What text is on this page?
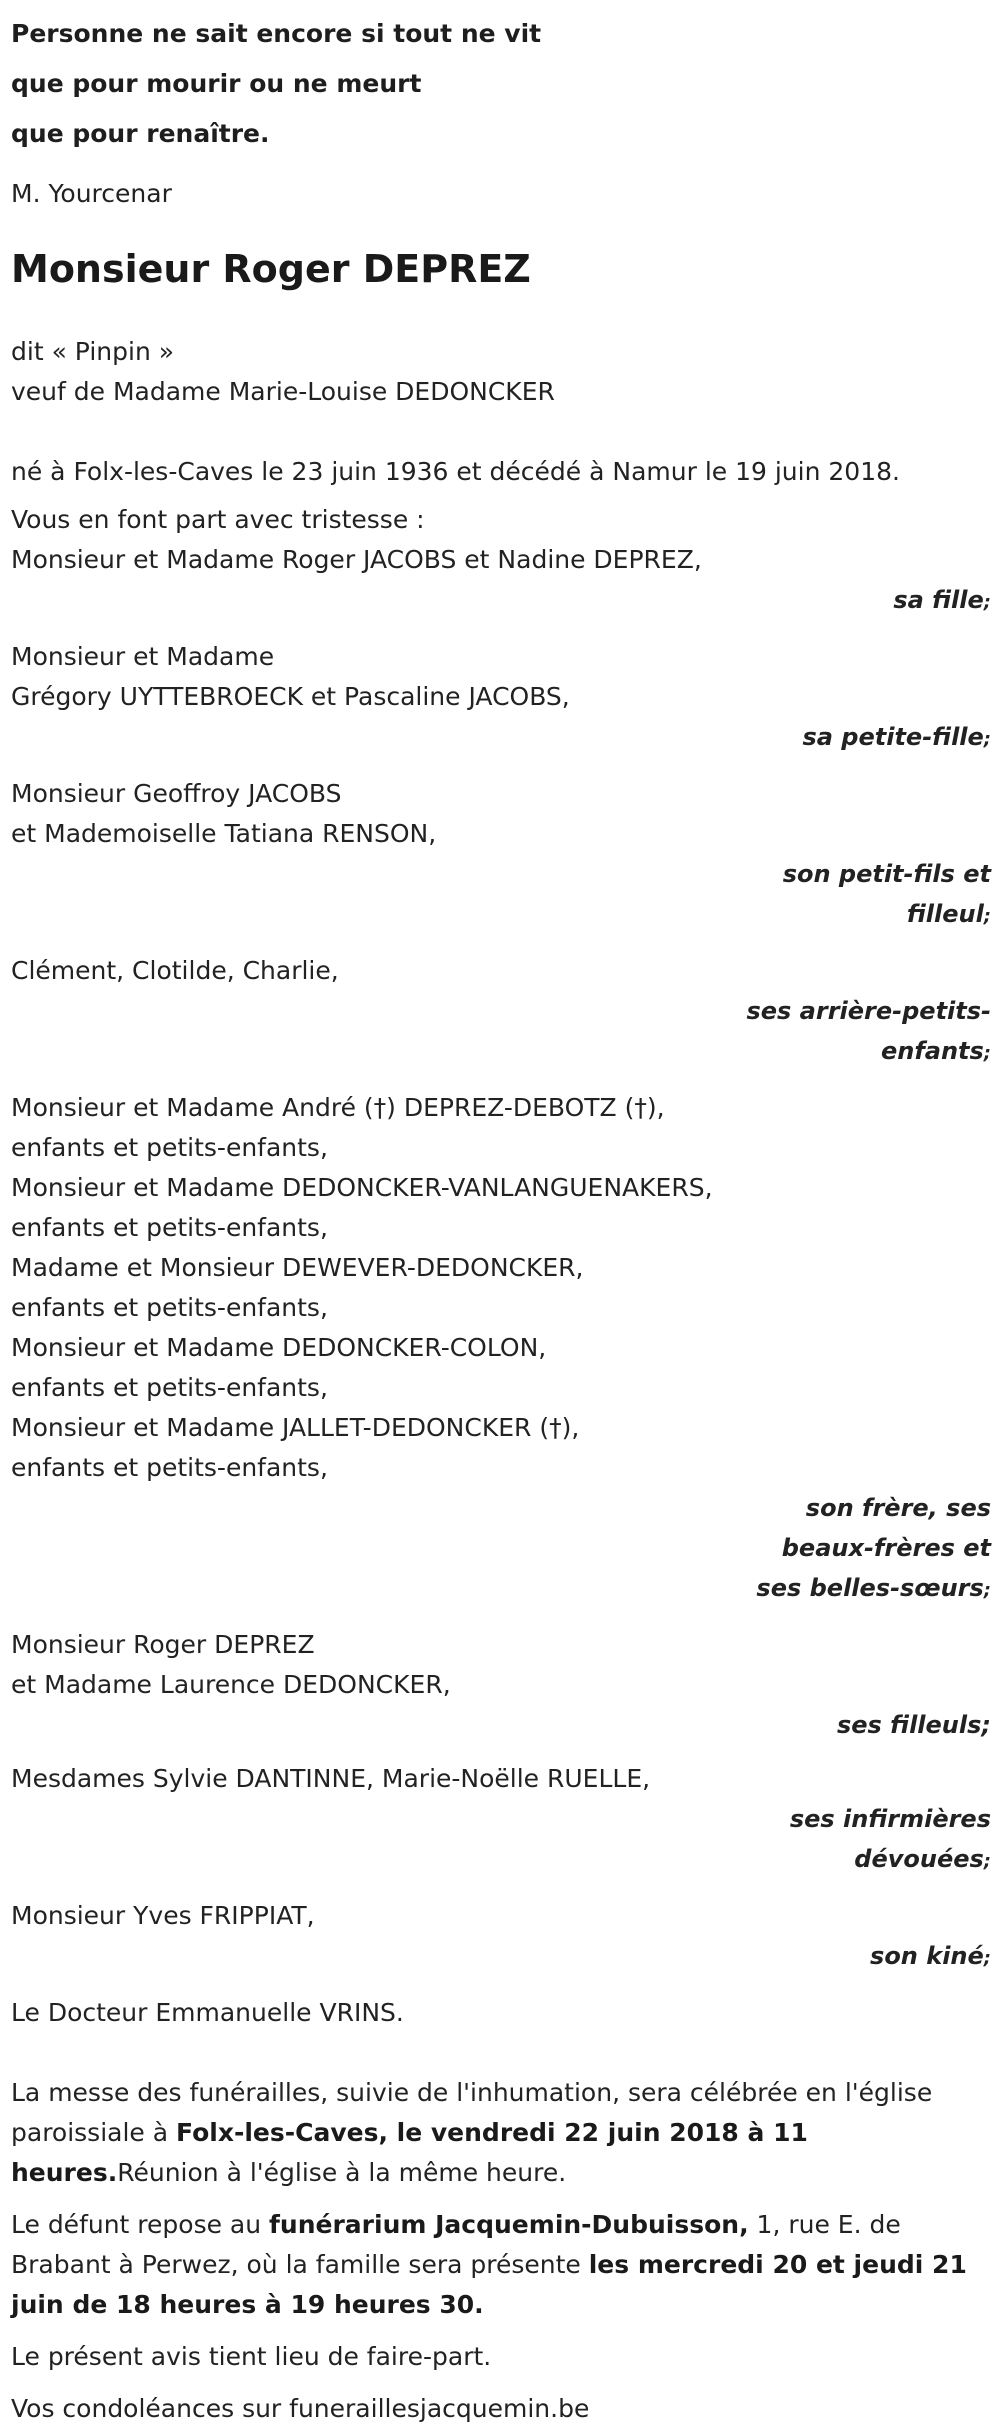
Personne ne sait encore si tout ne vit
que pour mourir ou ne meurt
que pour renaître.
M. Yourcenar
Monsieur Roger DEPREZ
dit « Pinpin »
veuf de Madame Marie-Louise DEDONCKER
né à Folx-les-Caves le 23 juin 1936 et décédé à Namur le 19 juin 2018.
Vous en font part avec tristesse :
Monsieur et Madame Roger JACOBS et Nadine DEPREZ,
sa fille;
Monsieur et Madame
Grégory UYTTEBROECK et Pascaline JACOBS,
sa petite-fille;
Monsieur Geoffroy JACOBS
et Mademoiselle Tatiana RENSON,
son petit-fils et
filleul;
Clément, Clotilde, Charlie,
ses arrière-petits-
enfants;
Monsieur et Madame André (†) DEPREZ-DEBOTZ (†),
enfants et petits-enfants,
Monsieur et Madame DEDONCKER-VANLANGUENAKERS,
enfants et petits-enfants,
Madame et Monsieur DEWEVER-DEDONCKER,
enfants et petits-enfants,
Monsieur et Madame DEDONCKER-COLON,
enfants et petits-enfants,
Monsieur et Madame JALLET-DEDONCKER (†),
enfants et petits-enfants,
son frère, ses
beaux-frères et
ses belles-sœurs;
Monsieur Roger DEPREZ
et Madame Laurence DEDONCKER,
ses filleuls;
Mesdames Sylvie DANTINNE, Marie-Noëlle RUELLE,
ses infirmières
dévouées;
Monsieur Yves FRIPPIAT,
son kiné;
Le Docteur Emmanuelle VRINS.
La messe des funérailles, suivie de l'inhumation, sera célébrée en l'église paroissiale à Folx-les-Caves, le vendredi 22 juin 2018 à 11 heures.Réunion à l'église à la même heure.
Le défunt repose au funérarium Jacquemin-Dubuisson, 1, rue E. de Brabant à Perwez, où la famille sera présente les mercredi 20 et jeudi 21 juin de 18 heures à 19 heures 30.
Le présent avis tient lieu de faire-part.
Vos condoléances sur funeraillesjacquemin.be
